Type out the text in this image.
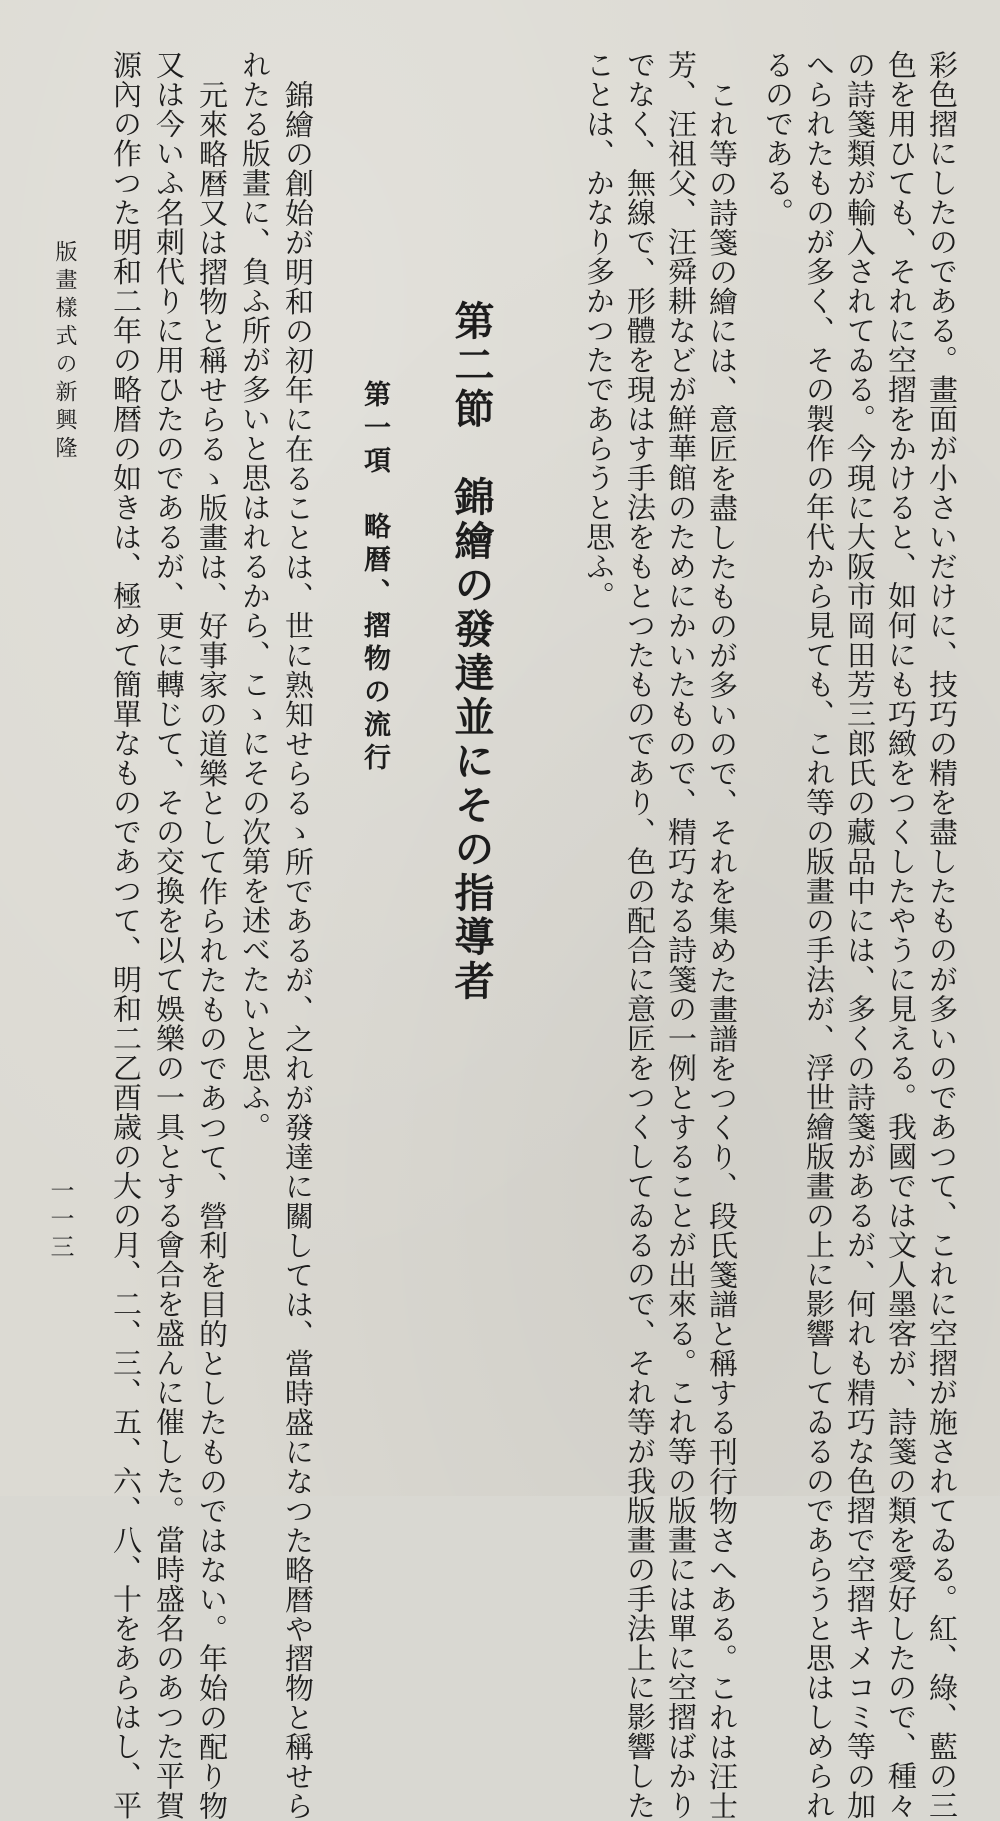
彩色摺にしたのである。畫面が小さいだけに、技巧の精を盡したものが多いのであつて、これに空摺が施されてゐる。紅、綠、藍の三
色を用ひても、それに空摺をかけると、如何にも巧緻をつくしたやうに見える。我國では文人墨客が、詩箋の類を愛好したので、種々
の詩箋類が輸入されてゐる。今現に大阪市岡田芳三郎氏の藏品中には、多くの詩箋があるが、何れも精巧な色摺で空摺キメコミ等の加
へられたものが多く、その製作の年代から見ても、これ等の版畫の手法が、浮世繪版畫の上に影響してゐるのであらうと思はしめられ
るのである。
これ等の詩箋の繪には、意匠を盡したものが多いので、それを集めた畫譜をつくり、段氏箋譜と稱する刊行物さへある。これは汪士
芳、汪祖父、汪舜耕などが鮮華館のためにかいたもので、精巧なる詩箋の一例とすることが出來る。これ等の版畫には單に空摺ばかり
でなく、無線で、形體を現はす手法をもとつたものであり、色の配合に意匠をつくしてゐるので、それ等が我版畫の手法上に影響した
ことは、かなり多かつたであらうと思ふ。
第二節　錦繪の發達並にその指導者
第一項　略暦、摺物の流行
錦繪の創始が明和の初年に在ることは、世に熟知せらるゝ所であるが、之れが發達に關しては、當時盛になつた略暦や摺物と稱せら
れたる版畫に、負ふ所が多いと思はれるから、こゝにその次第を述べたいと思ふ。
元來略暦又は摺物と稱せらるゝ版畫は、好事家の道樂として作られたものであつて、營利を目的としたものではない。年始の配り物
又は今いふ名刺代りに用ひたのであるが、更に轉じて、その交換を以て娛樂の一具とする會合を盛んに催した。當時盛名のあつた平賀
源內の作つた明和二年の略暦の如きは、極めて簡單なものであつて、明和二乙酉歳の大の月、二、三、五、六、八、十をあらはし、平
版畫樣式の新興隆
一一三
